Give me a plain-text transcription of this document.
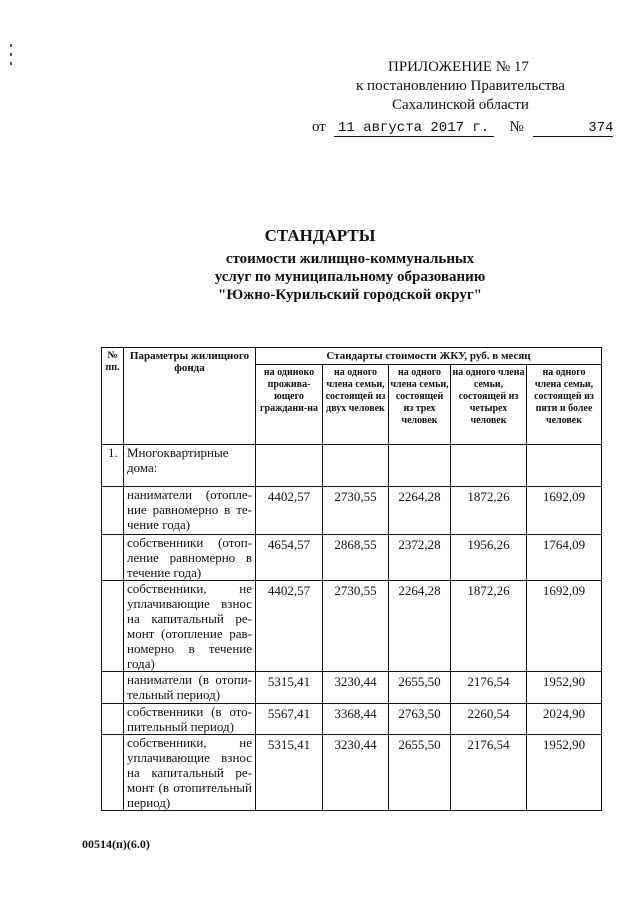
ПРИЛОЖЕНИЕ № 17
к постановлению Правительства
Сахалинской области
от 11 августа 2017 г. №	374
СТАНДАРТЫ
стоимости жилищно-коммунальных
услуг по муниципальному образованию
"Южно-Курильский городской округ"
№ пп.	Параметры жилищного фонда	Стандарты стоимости ЖКУ, руб. в месяц				
		на одиноко прожива-ющего граждани-на	на одного члена семьи, состоящей из двух человек	на одного члена семьи, состоящей из трех человек	на одного члена семьи, состоящей из четырех человек	на одного члена семьи, состоящей из пяти и более человек
1.	Многоквартирные дома:					
	наниматели (отопле-ние равномерно в те-чение года)	4402,57	2730,55	2264,28	1872,26	1692,09
	собственники (отоп-ление равномерно в течение года)	4654,57	2868,55	2372,28	1956,26	1764,09
	собственники, не уплачивающие взнос на капитальный ре-монт (отопление рав-номерно в течение года)	4402,57	2730,55	2264,28	1872,26	1692,09
	наниматели (в отопи-тельный период)	5315,41	3230,44	2655,50	2176,54	1952,90
	собственники (в ото-пительный период)	5567,41	3368,44	2763,50	2260,54	2024,90
	собственники, не уплачивающие взнос на капитальный ре-монт (в отопительный период)	5315,41	3230,44	2655,50	2176,54	1952,90
00514(п)(6.0)
